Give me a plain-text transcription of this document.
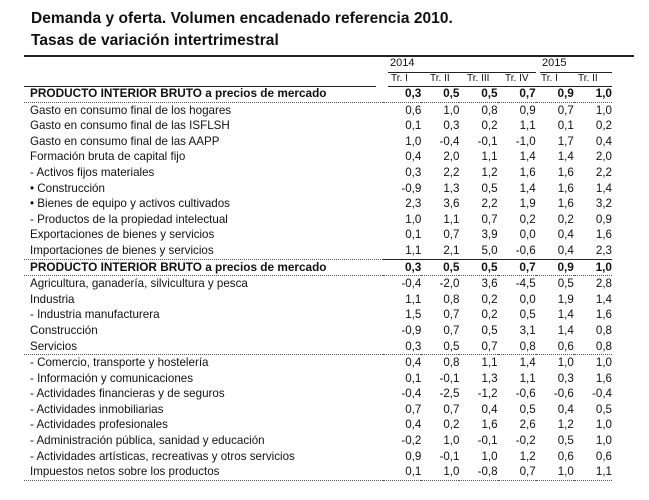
Demanda y oferta. Volumen encadenado referencia 2010.
Tasas de variación intertrimestral
2014	2015
Tr. I	Tr. II	Tr. III	Tr. IV	Tr. I	Tr. II
PRODUCTO INTERIOR BRUTO a precios de mercado	0,3	0,5	0,5	0,7	0,9	1,0
Gasto en consumo final de los hogares	0,6	1,0	0,8	0,9	0,7	1,0
Gasto en consumo final de las ISFLSH	0,1	0,3	0,2	1,1	0,1	0,2
Gasto en consumo final de las AAPP	1,0	-0,4	-0,1	-1,0	1,7	0,4
Formación bruta de capital fijo	0,4	2,0	1,1	1,4	1,4	2,0
- Activos fijos materiales	0,3	2,2	1,2	1,6	1,6	2,2
• Construcción	-0,9	1,3	0,5	1,4	1,6	1,4
• Bienes de equipo y activos cultivados	2,3	3,6	2,2	1,9	1,6	3,2
- Productos de la propiedad intelectual	1,0	1,1	0,7	0,2	0,2	0,9
Exportaciones de bienes y servicios	0,1	0,7	3,9	0,0	0,4	1,6
Importaciones de bienes y servicios	1,1	2,1	5,0	-0,6	0,4	2,3
PRODUCTO INTERIOR BRUTO a precios de mercado	0,3	0,5	0,5	0,7	0,9	1,0
Agricultura, ganadería, silvicultura y pesca	-0,4	-2,0	3,6	-4,5	0,5	2,8
Industria	1,1	0,8	0,2	0,0	1,9	1,4
- Industria manufacturera	1,5	0,7	0,2	0,5	1,4	1,6
Construcción	-0,9	0,7	0,5	3,1	1,4	0,8
Servicios	0,3	0,5	0,7	0,8	0,6	0,8
- Comercio, transporte y hostelería	0,4	0,8	1,1	1,4	1,0	1,0
- Información y comunicaciones	0,1	-0,1	1,3	1,1	0,3	1,6
- Actividades financieras y de seguros	-0,4	-2,5	-1,2	-0,6	-0,6	-0,4
- Actividades inmobiliarias	0,7	0,7	0,4	0,5	0,4	0,5
- Actividades profesionales	0,4	0,2	1,6	2,6	1,2	1,0
- Administración pública, sanidad y educación	-0,2	1,0	-0,1	-0,2	0,5	1,0
- Actividades artísticas, recreativas y otros servicios	0,9	-0,1	1,0	1,2	0,6	0,6
Impuestos netos sobre los productos	0,1	1,0	-0,8	0,7	1,0	1,1
